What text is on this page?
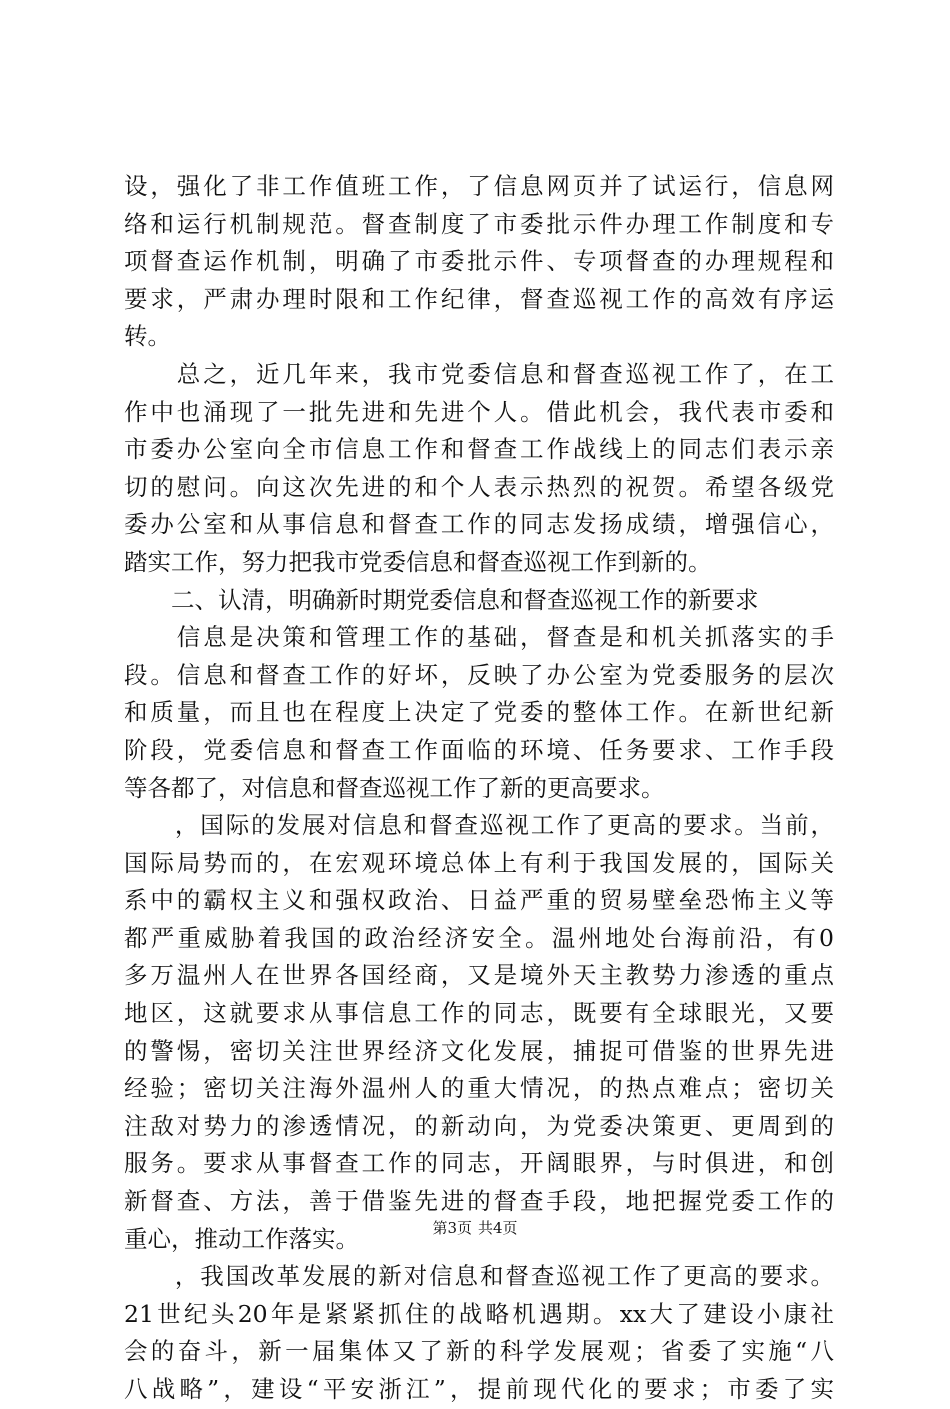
设，强化了非工作值班工作，了信息网页并了试运行，信息网
络和运行机制规范。督查制度了市委批示件办理工作制度和专
项督查运作机制，明确了市委批示件、专项督查的办理规程和
要求，严肃办理时限和工作纪律，督查巡视工作的高效有序运
转。
　　总之，近几年来，我市党委信息和督查巡视工作了，在工
作中也涌现了一批先进和先进个人。借此机会，我代表市委和
市委办公室向全市信息工作和督查工作战线上的同志们表示亲
切的慰问。向这次先进的和个人表示热烈的祝贺。希望各级党
委办公室和从事信息和督查工作的同志发扬成绩，增强信心，
踏实工作，努力把我市党委信息和督查巡视工作到新的。
　　二、认清，明确新时期党委信息和督查巡视工作的新要求
　　信息是决策和管理工作的基础，督查是和机关抓落实的手
段。信息和督查工作的好坏，反映了办公室为党委服务的层次
和质量，而且也在程度上决定了党委的整体工作。在新世纪新
阶段，党委信息和督查工作面临的环境、任务要求、工作手段
等各都了，对信息和督查巡视工作了新的更高要求。
　　，国际的发展对信息和督查巡视工作了更高的要求。当前，
国际局势而的，在宏观环境总体上有利于我国发展的，国际关
系中的霸权主义和强权政治、日益严重的贸易壁垒恐怖主义等
都严重威胁着我国的政治经济安全。温州地处台海前沿，有0
多万温州人在世界各国经商，又是境外天主教势力渗透的重点
地区，这就要求从事信息工作的同志，既要有全球眼光，又要
的警惕，密切关注世界经济文化发展，捕捉可借鉴的世界先进
经验；密切关注海外温州人的重大情况，的热点难点；密切关
注敌对势力的渗透情况，的新动向，为党委决策更、更周到的
服务。要求从事督查工作的同志，开阔眼界，与时俱进，和创
新督查、方法，善于借鉴先进的督查手段，地把握党委工作的
重心，推动工作落实。
　　，我国改革发展的新对信息和督查巡视工作了更高的要求。
21世纪头20年是紧紧抓住的战略机遇期。xx大了建设小康社
会的奋斗，新一届集体又了新的科学发展观；省委了实施“八
八战略”，建设“平安浙江”，提前现代化的要求；市委了实
第3页 共4页
